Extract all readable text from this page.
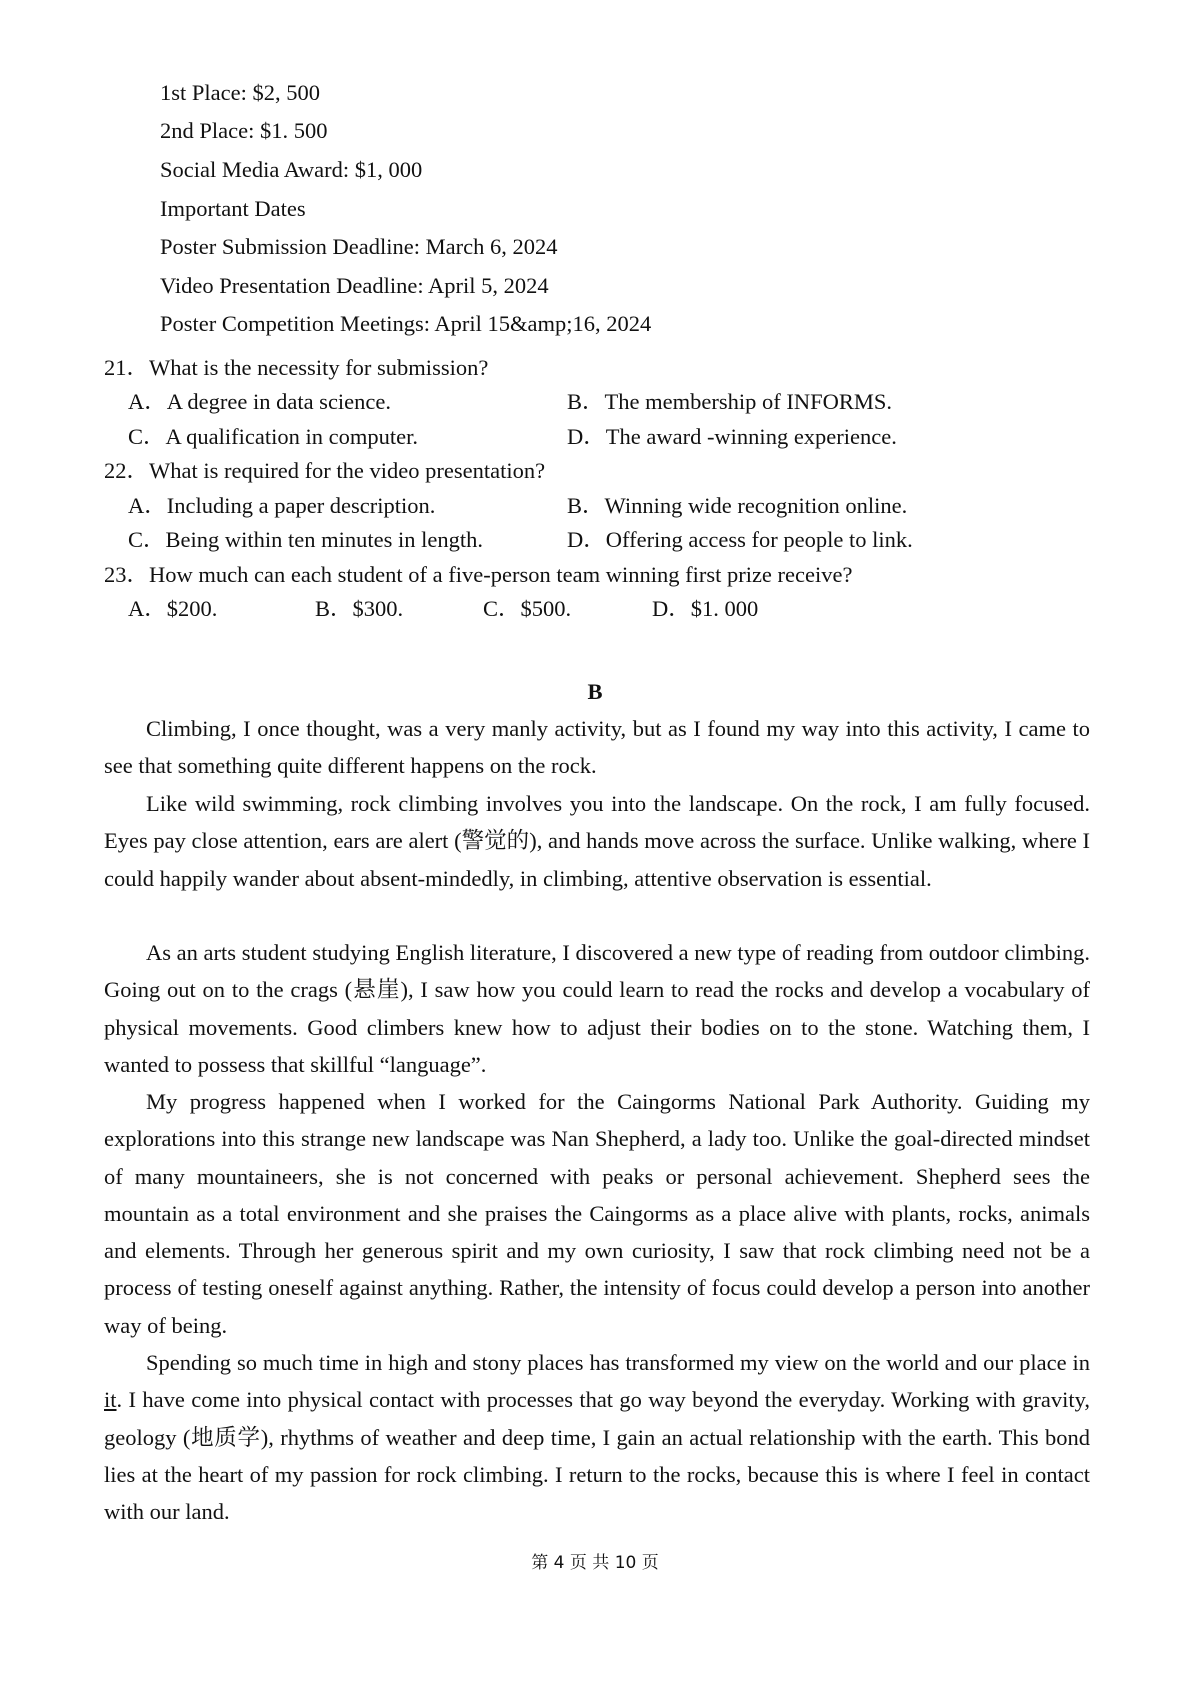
1st Place: $2, 500
2nd Place: $1. 500
Social Media Award: $1, 000
Important Dates
Poster Submission Deadline: March 6, 2024
Video Presentation Deadline: April 5, 2024
Poster Competition Meetings: April 15&amp;16, 2024
21．What is the necessity for submission?
A．A degree in data science.	B．The membership of INFORMS.
C．A qualification in computer.	D．The award -winning experience.
22．What is required for the video presentation?
A．Including a paper description.	B．Winning wide recognition online.
C．Being within ten minutes in length.	D．Offering access for people to link.
23．How much can each student of a five-person team winning first prize receive?
A．$200.	B．$300.	C．$500.	D．$1. 000
B

Climbing, I once thought, was a very manly activity, but as I found my way into this activity, I came to see that something quite different happens on the rock.

Like wild swimming, rock climbing involves you into the landscape. On the rock, I am fully focused. Eyes pay close attention, ears are alert (警觉的), and hands move across the surface. Unlike walking, where I could happily wander about absent-mindedly, in climbing, attentive observation is essential.

As an arts student studying English literature, I discovered a new type of reading from outdoor climbing. Going out on to the crags (悬崖), I saw how you could learn to read the rocks and develop a vocabulary of physical movements. Good climbers knew how to adjust their bodies on to the stone. Watching them, I wanted to possess that skillful “language”.

My progress happened when I worked for the Caingorms National Park Authority. Guiding my explorations into this strange new landscape was Nan Shepherd, a lady too. Unlike the goal-directed mindset of many mountaineers, she is not concerned with peaks or personal achievement. Shepherd sees the mountain as a total environment and she praises the Caingorms as a place alive with plants, rocks, animals and elements. Through her generous spirit and my own curiosity, I saw that rock climbing need not be a process of testing oneself against anything. Rather, the intensity of focus could develop a person into another way of being.

Spending so much time in high and stony places has transformed my view on the world and our place in it. I have come into physical contact with processes that go way beyond the everyday. Working with gravity, geology (地质学), rhythms of weather and deep time, I gain an actual relationship with the earth. This bond lies at the heart of my passion for rock climbing. I return to the rocks, because this is where I feel in contact with our land.

第 4 页 共 10 页
